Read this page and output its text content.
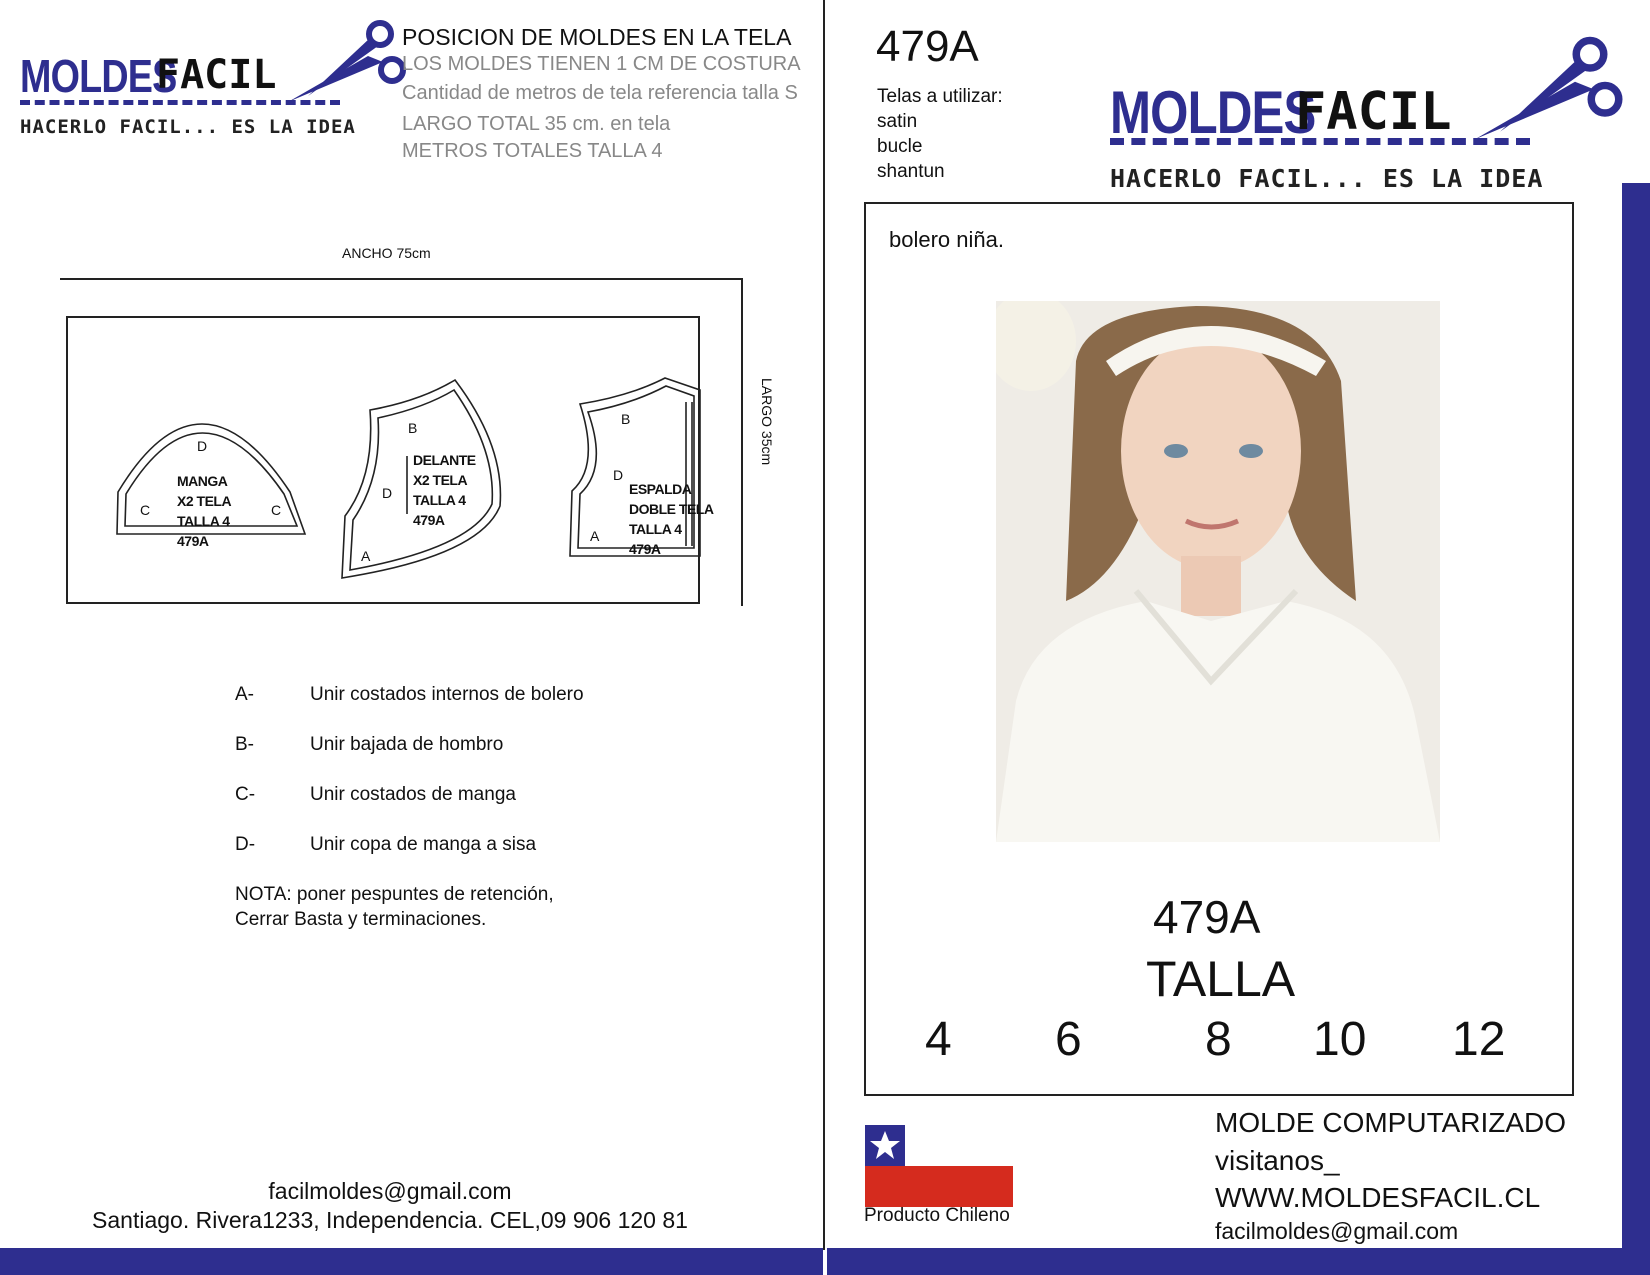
MOLDES
FACIL
HACERLO FACIL... ES LA IDEA
POSICION DE MOLDES EN LA TELA
LOS MOLDES TIENEN 1 CM DE COSTURA
Cantidad de metros de tela referencia talla S
LARGO TOTAL 35 cm. en tela
METROS TOTALES TALLA 4
ANCHO 75cm
LARGO 35cm
D
C	C
MANGA
X2 TELA
TALLA 4
479A
B
D
A
DELANTE
X2 TELA
TALLA 4
479A
B
D
A
ESPALDA
DOBLE TELA
TALLA 4
479A
A-	Unir costados internos de bolero
B-	Unir bajada de hombro
C-	Unir costados de manga
D-	Unir copa de manga a sisa
NOTA: poner pespuntes de retención,
Cerrar Basta y terminaciones.
facilmoldes@gmail.com
Santiago. Rivera1233, Independencia. CEL,09 906 120 81
479A
Telas a utilizar:
satin
bucle
shantun
MOLDES
FACIL
HACERLO FACIL... ES LA IDEA
bolero niña.
479A
TALLA
4 6	8 10 12
Producto Chileno
MOLDE COMPUTARIZADO
visitanos_
WWW.MOLDESFACIL.CL
facilmoldes@gmail.com
